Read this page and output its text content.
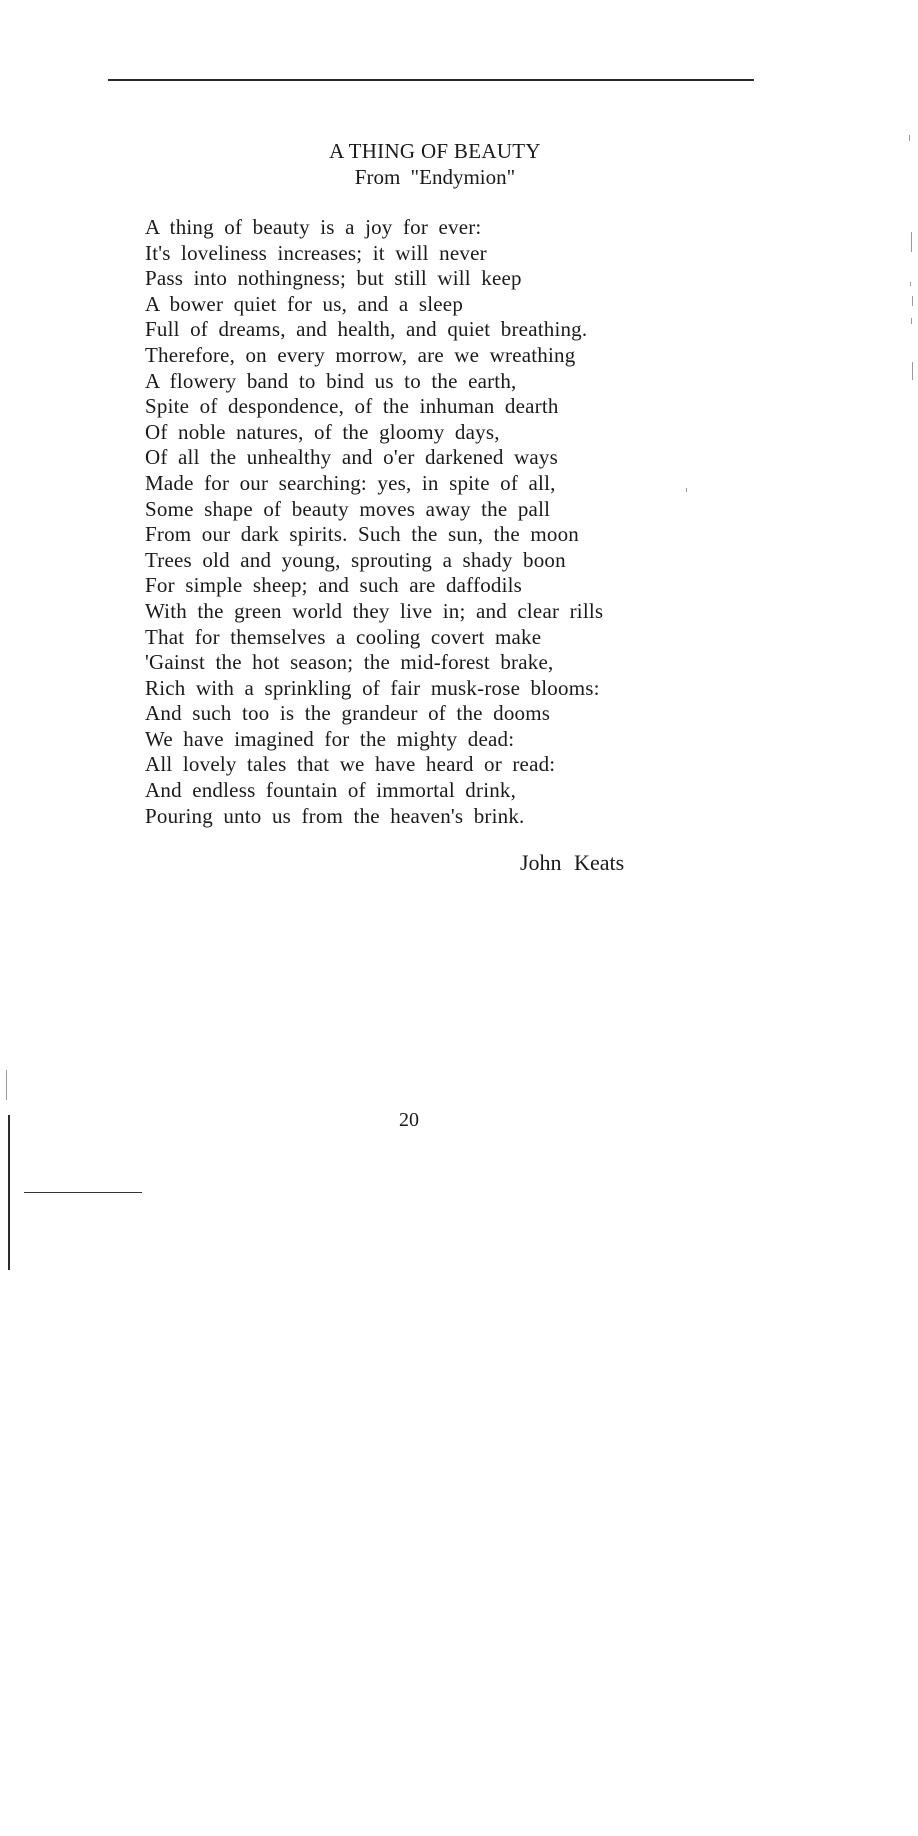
A THING OF BEAUTY
From "Endymion"
A thing of beauty is a joy for ever:
It's loveliness increases; it will never
Pass into nothingness; but still will keep
A bower quiet for us, and a sleep
Full of dreams, and health, and quiet breathing.
Therefore, on every morrow, are we wreathing
A flowery band to bind us to the earth,
Spite of despondence, of the inhuman dearth
Of noble natures, of the gloomy days,
Of all the unhealthy and o'er darkened ways
Made for our searching: yes, in spite of all,
Some shape of beauty moves away the pall
From our dark spirits. Such the sun, the moon
Trees old and young, sprouting a shady boon
For simple sheep; and such are daffodils
With the green world they live in; and clear rills
That for themselves a cooling covert make
'Gainst the hot season; the mid-forest brake,
Rich with a sprinkling of fair musk-rose blooms:
And such too is the grandeur of the dooms
We have imagined for the mighty dead:
All lovely tales that we have heard or read:
And endless fountain of immortal drink,
Pouring unto us from the heaven's brink.
John Keats
20
